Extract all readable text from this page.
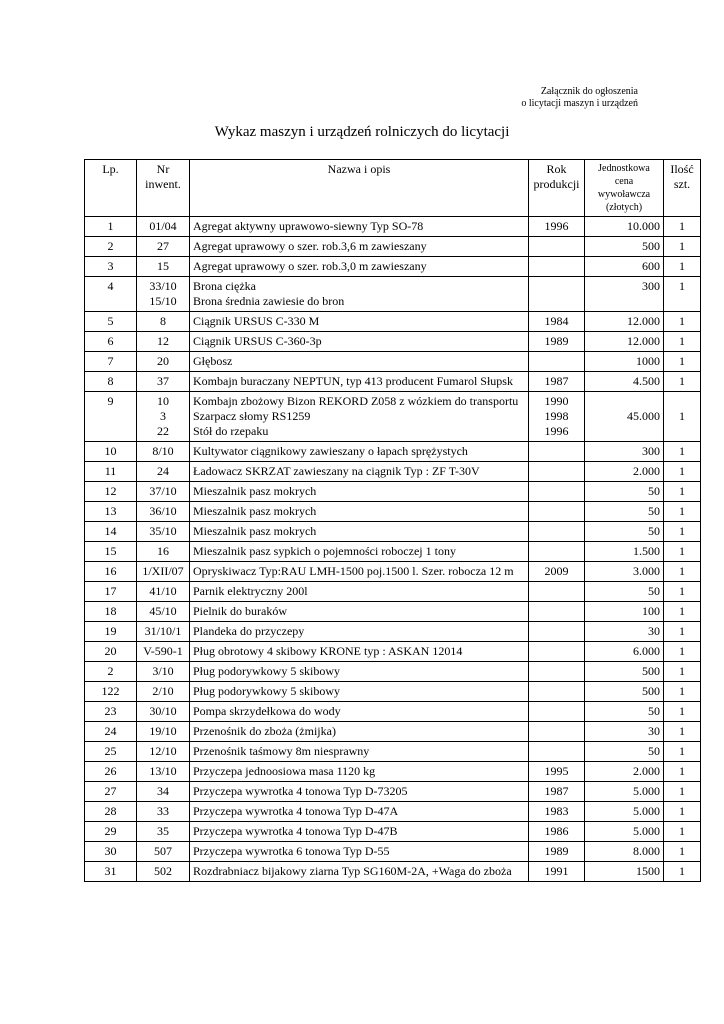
Załącznik do ogłoszenia
o licytacji maszyn i urządzeń
Wykaz maszyn i urządzeń rolniczych do licytacji
Lp.	Nr
inwent.	Nazwa i opis	Rok
produkcji	Jednostkowa
cena
wywoławcza
(złotych)	Ilość
szt.

1	01/04	Agregat aktywny uprawowo-siewny Typ SO-78	1996	10.000	1

2	27	Agregat uprawowy o szer. rob.3,6 m zawieszany		500	1

3	15	Agregat uprawowy o szer. rob.3,0 m zawieszany		600	1

4	33/10
15/10	Brona ciężka
Brona średnia zawiesie do bron		300	1

5	8	Ciągnik URSUS C-330 M	1984	12.000	1

6	12	Ciągnik URSUS C-360-3p	1989	12.000	1

7	20	Głębosz		1000	1

8	37	Kombajn buraczany NEPTUN, typ 413 producent Fumarol Słupsk	1987	4.500	1

9	10
3
22	Kombajn zbożowy Bizon REKORD Z058 z wózkiem do transportu
Szarpacz słomy RS1259
Stół do rzepaku	1990
1998
1996	45.000	1

10	8/10	Kultywator ciągnikowy zawieszany o łapach sprężystych		300	1

11	24	Ładowacz SKRZAT zawieszany na ciągnik Typ : ZF T-30V		2.000	1

12	37/10	Mieszalnik pasz mokrych		50	1

13	36/10	Mieszalnik pasz mokrych		50	1

14	35/10	Mieszalnik pasz mokrych		50	1

15	16	Mieszalnik pasz sypkich o pojemności roboczej 1 tony		1.500	1

16	1/XII/07	Opryskiwacz Typ:RAU LMH-1500 poj.1500 l. Szer. robocza 12 m	2009	3.000	1

17	41/10	Parnik elektryczny 200l		50	1

18	45/10	Pielnik do buraków		100	1

19	31/10/1	Plandeka do przyczepy		30	1

20	V-590-1	Pług obrotowy 4 skibowy KRONE typ : ASKAN 12014		6.000	1

2	3/10	Pług podorywkowy 5 skibowy		500	1

122	2/10	Pług podorywkowy 5 skibowy		500	1

23	30/10	Pompa skrzydełkowa do wody		50	1

24	19/10	Przenośnik do zboża (żmijka)		30	1

25	12/10	Przenośnik taśmowy 8m niesprawny		50	1

26	13/10	Przyczepa jednoosiowa masa 1120 kg	1995	2.000	1

27	34	Przyczepa wywrotka 4 tonowa Typ D-73205	1987	5.000	1

28	33	Przyczepa wywrotka 4 tonowa Typ D-47A	1983	5.000	1

29	35	Przyczepa wywrotka 4 tonowa Typ D-47B	1986	5.000	1

30	507	Przyczepa wywrotka 6 tonowa Typ D-55	1989	8.000	1

31	502	Rozdrabniacz bijakowy ziarna Typ SG160M-2A, +Waga do zboża	1991	1500	1
